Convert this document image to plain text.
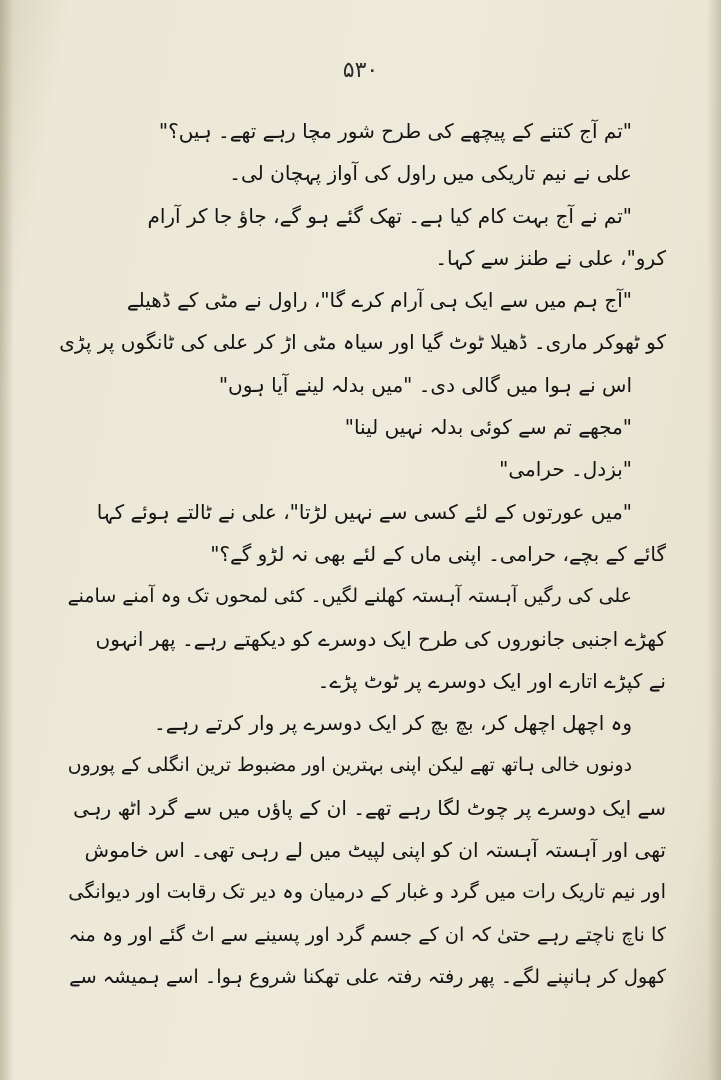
۵۳۰
"تم آج کتنے کے پیچھے کی طرح شور مچا رہے تھے۔ ہیں؟"
علی نے نیم تاریکی میں راول کی آواز پہچان لی۔
"تم نے آج بہت کام کیا ہے۔ تھک گئے ہو گے، جاؤ جا کر آرام
کرو"، علی نے طنز سے کہا۔
"آج ہم میں سے ایک ہی آرام کرے گا"، راول نے مٹی کے ڈھیلے
کو ٹھوکر ماری۔ ڈھیلا ٹوٹ گیا اور سیاہ مٹی اڑ کر علی کی ٹانگوں پر پڑی
اس نے ہوا میں گالی دی۔ "میں بدلہ لینے آیا ہوں"
"مجھے تم سے کوئی بدلہ نہیں لینا"
"بزدل۔ حرامی"
"میں عورتوں کے لئے کسی سے نہیں لڑتا"، علی نے ٹالتے ہوئے کہا
گائے کے بچے، حرامی۔ اپنی ماں کے لئے بھی نہ لڑو گے؟"
علی کی رگیں آہستہ آہستہ کھلنے لگیں۔ کئی لمحوں تک وہ آمنے سامنے
کھڑے اجنبی جانوروں کی طرح ایک دوسرے کو دیکھتے رہے۔ پھر انہوں
نے کپڑے اتارے اور ایک دوسرے پر ٹوٹ پڑے۔
وہ اچھل اچھل کر، بچ بچ کر ایک دوسرے پر وار کرتے رہے۔
دونوں خالی ہاتھ تھے لیکن اپنی بہترین اور مضبوط ترین انگلی کے پوروں
سے ایک دوسرے پر چوٹ لگا رہے تھے۔ ان کے پاؤں میں سے گرد اٹھ رہی
تھی اور آہستہ آہستہ ان کو اپنی لپیٹ میں لے رہی تھی۔ اس خاموش
اور نیم تاریک رات میں گرد و غبار کے درمیان وہ دیر تک رقابت اور دیوانگی
کا ناچ ناچتے رہے حتیٰ کہ ان کے جسم گرد اور پسینے سے اٹ گئے اور وہ منہ
کھول کر ہانپنے لگے۔ پھر رفتہ رفتہ علی تھکنا شروع ہوا۔ اسے ہمیشہ سے
